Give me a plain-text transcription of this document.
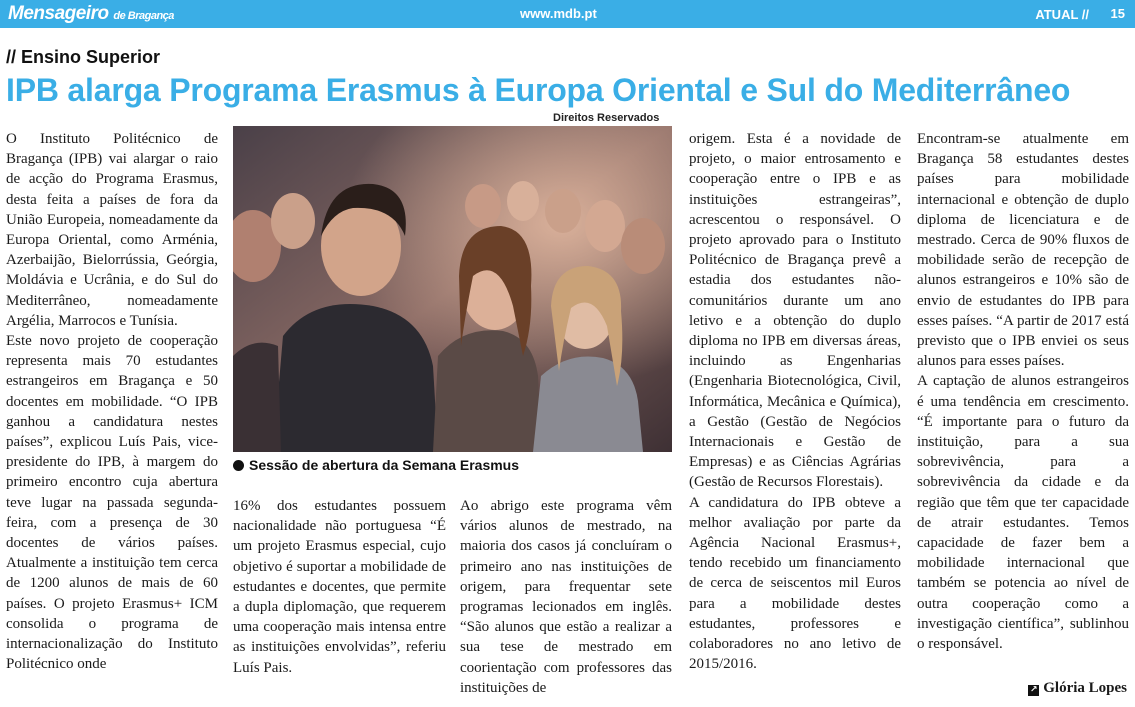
Mensageiro de Bragança	www.mdb.pt	ATUAL // 15
// Ensino Superior
IPB alarga Programa Erasmus à Europa Oriental e Sul do Mediterrâneo

O Instituto Politécnico de Bragança (IPB) vai alargar o raio de acção do Programa Erasmus, desta feita a países de fora da União Europeia, nomeadamente da Europa Oriental, como Arménia, Azerbaijão, Bielorrússia, Geórgia, Moldávia e Ucrânia, e do Sul do Mediterrâneo, nomeadamente Argélia, Marrocos e Tunísia.

Este novo projeto de cooperação representa mais 70 estudantes estrangeiros em Bragança e 50 docentes em mobilidade. “O IPB ganhou a candidatura nestes países”, explicou Luís Pais, vice-presidente do IPB, à margem do primeiro encontro cuja abertura teve lugar na passada segunda-feira, com a presença de 30 docentes de vários países. Atualmente a instituição tem cerca de 1200 alunos de mais de 60 países. O projeto Erasmus+ ICM consolida o programa de internacionalização do Instituto Politécnico onde

Direitos Reservados
Sessão de abertura da Semana Erasmus

16% dos estudantes possuem nacionalidade não portuguesa “É um projeto Erasmus especial, cujo objetivo é suportar a mobilidade de estudantes e docentes, que permite a dupla diplomação, que requerem uma cooperação mais intensa entre as instituições envolvidas”, referiu Luís Pais.

Ao abrigo este programa vêm vários alunos de mestrado, na maioria dos casos já concluíram o primeiro ano nas instituições de origem, para frequentar sete programas lecionados em inglês. “São alunos que estão a realizar a sua tese de mestrado em coorientação com professores das instituições de

origem. Esta é a novidade de projeto, o maior entrosamento e cooperação entre o IPB e as instituições estrangeiras”, acrescentou o responsável. O projeto aprovado para o Instituto Politécnico de Bragança prevê a estadia dos estudantes não-comunitários durante um ano letivo e a obtenção do duplo diploma no IPB em diversas áreas, incluindo as Engenharias (Engenharia Biotecnológica, Civil, Informática, Mecânica e Química), a Gestão (Gestão de Negócios Internacionais e Gestão de Empresas) e as Ciências Agrárias (Gestão de Recursos Florestais).

A candidatura do IPB obteve a melhor avaliação por parte da Agência Nacional Erasmus+, tendo recebido um financiamento de cerca de seiscentos mil Euros para a mobilidade destes estudantes, professores e colaboradores no ano letivo de 2015/2016.

Encontram-se atualmente em Bragança 58 estudantes destes países para mobilidade internacional e obtenção de duplo diploma de licenciatura e de mestrado. Cerca de 90% fluxos de mobilidade serão de recepção de alunos estrangeiros e 10% são de envio de estudantes do IPB para esses países. “A partir de 2017 está previsto que o IPB enviei os seus alunos para esses países.

A captação de alunos estrangeiros é uma tendência em crescimento. “É importante para o futuro da instituição, para a sua sobrevivência, para a sobrevivência da cidade e da região que têm que ter capacidade de atrair estudantes. Temos capacidade de fazer bem a mobilidade internacional que também se potencia ao nível de outra cooperação como a investigação científica”, sublinhou o responsável.

↗ Glória Lopes
